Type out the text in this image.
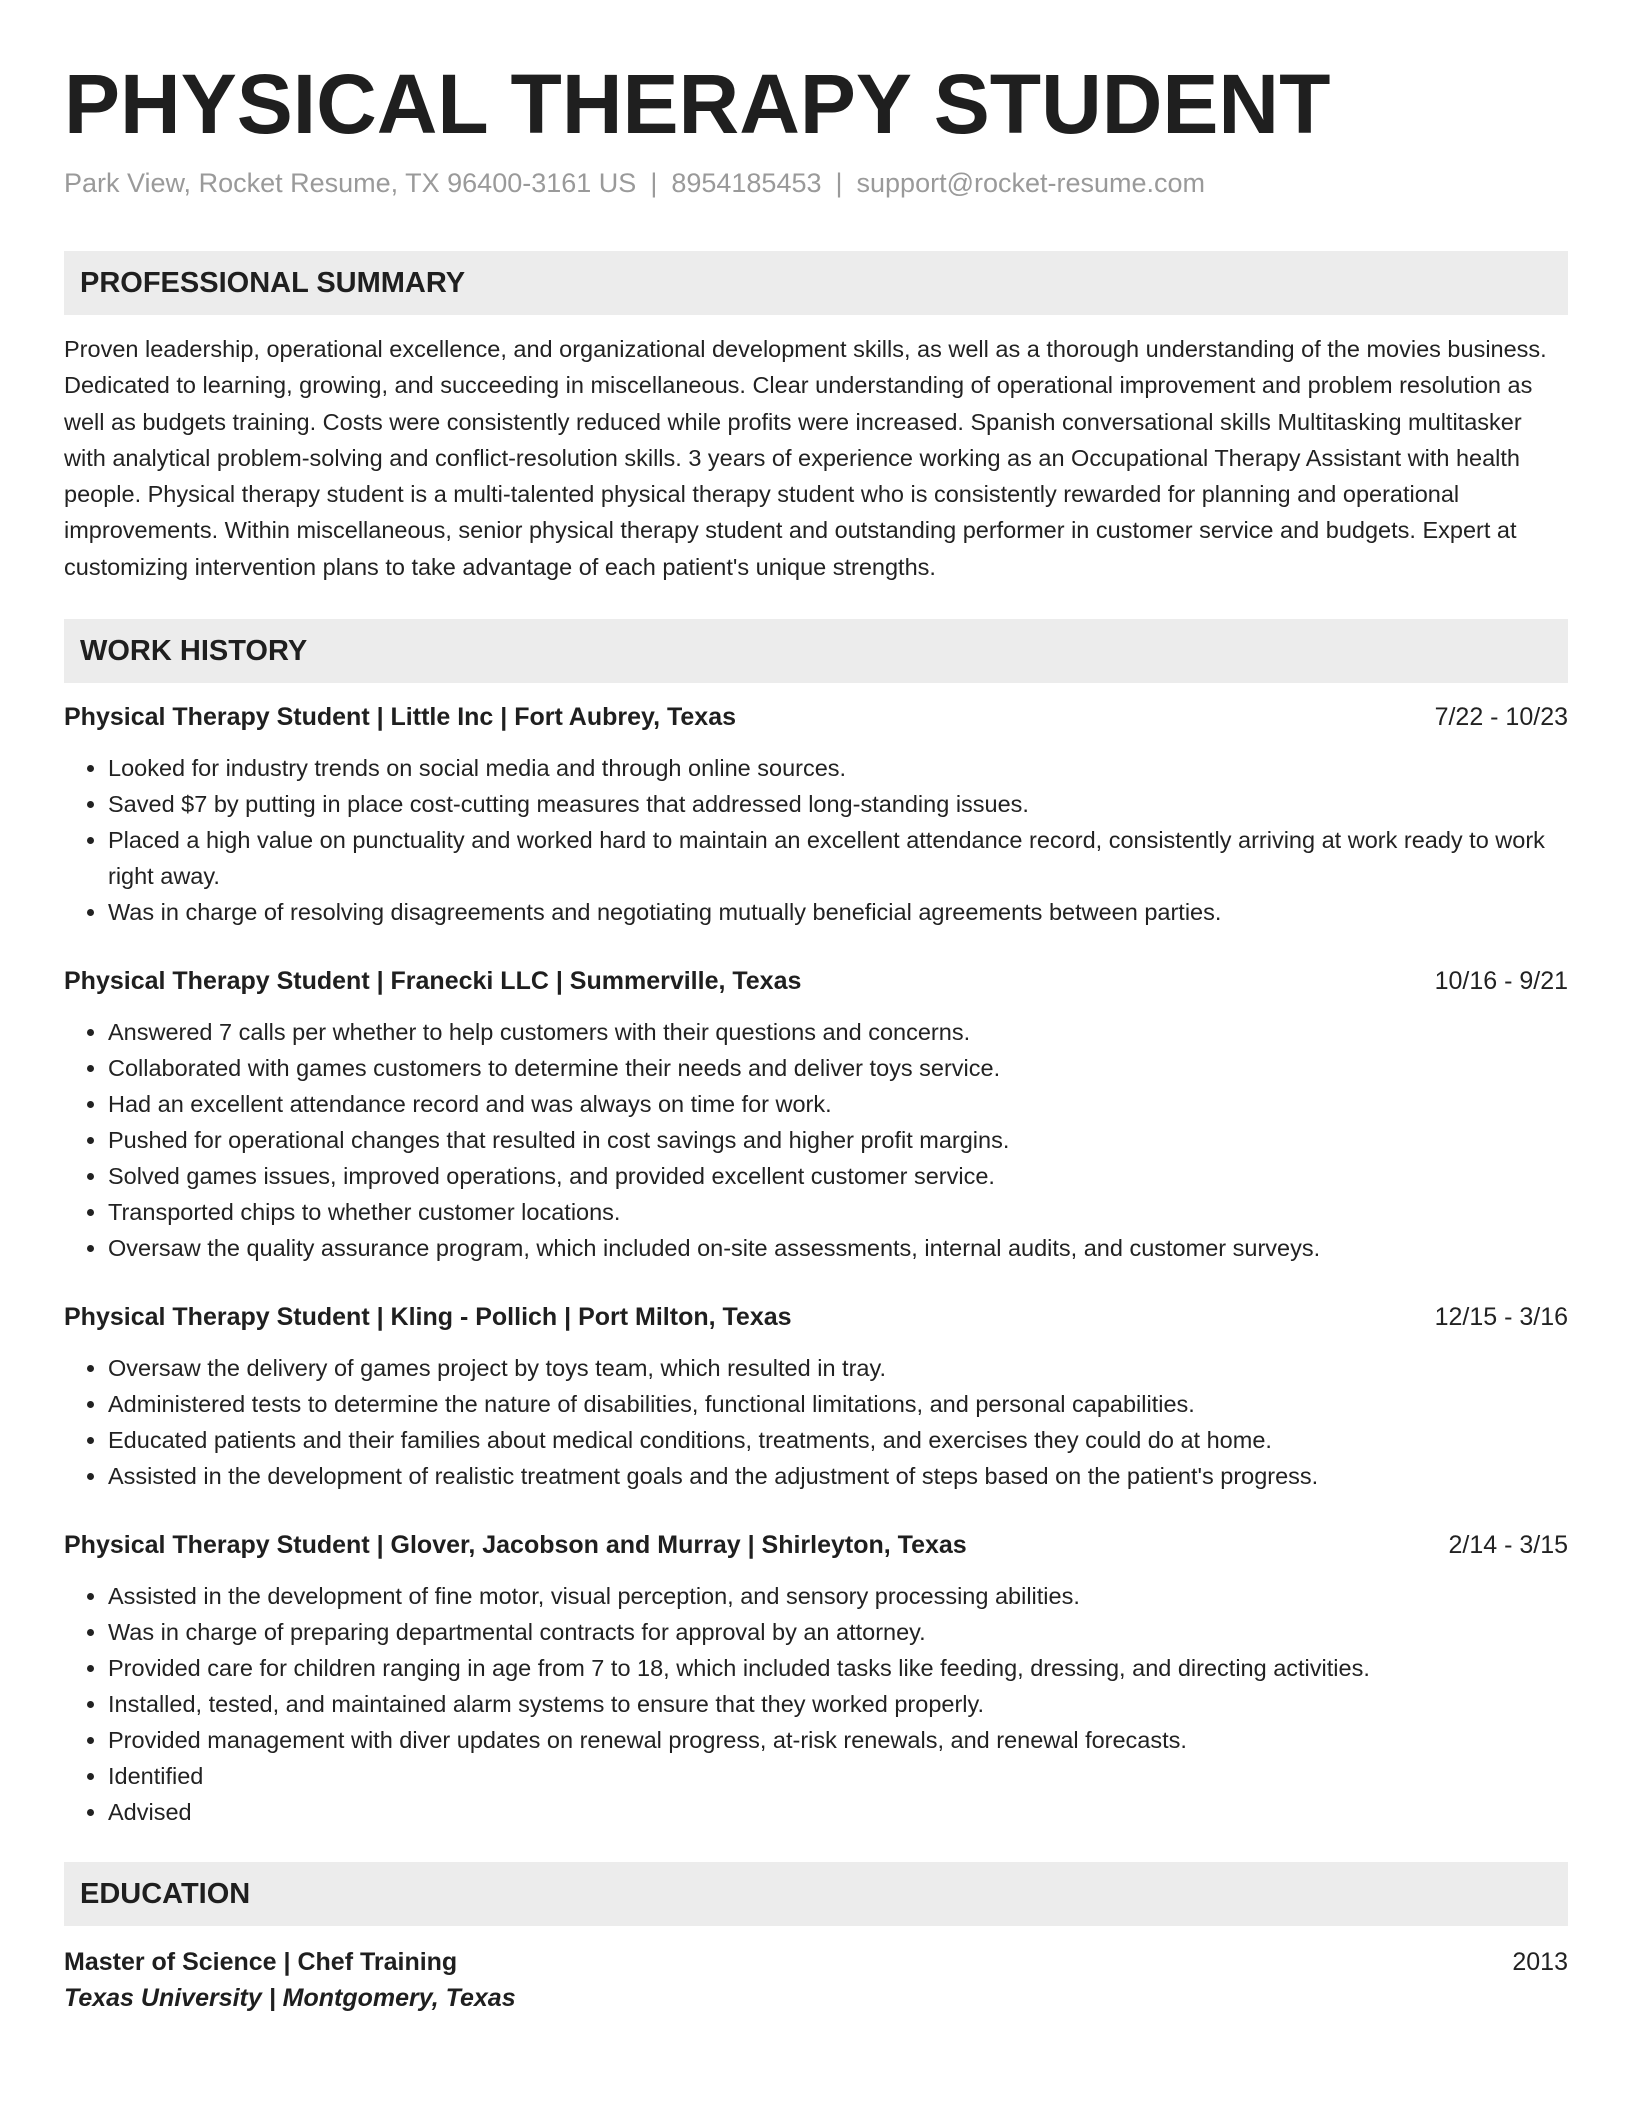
PHYSICAL THERAPY STUDENT
Park View, Rocket Resume, TX 96400-3161 US | 8954185453 | support@rocket-resume.com
PROFESSIONAL SUMMARY
Proven leadership, operational excellence, and organizational development skills, as well as a thorough understanding of the movies business. Dedicated to learning, growing, and succeeding in miscellaneous. Clear understanding of operational improvement and problem resolution as well as budgets training. Costs were consistently reduced while profits were increased. Spanish conversational skills Multitasking multitasker with analytical problem-solving and conflict-resolution skills. 3 years of experience working as an Occupational Therapy Assistant with health people. Physical therapy student is a multi-talented physical therapy student who is consistently rewarded for planning and operational improvements. Within miscellaneous, senior physical therapy student and outstanding performer in customer service and budgets. Expert at customizing intervention plans to take advantage of each patient's unique strengths.
WORK HISTORY
Physical Therapy Student | Little Inc | Fort Aubrey, Texas	7/22 - 10/23
• Looked for industry trends on social media and through online sources.
• Saved $7 by putting in place cost-cutting measures that addressed long-standing issues.
• Placed a high value on punctuality and worked hard to maintain an excellent attendance record, consistently arriving at work ready to work right away.
• Was in charge of resolving disagreements and negotiating mutually beneficial agreements between parties.
Physical Therapy Student | Franecki LLC | Summerville, Texas	10/16 - 9/21
• Answered 7 calls per whether to help customers with their questions and concerns.
• Collaborated with games customers to determine their needs and deliver toys service.
• Had an excellent attendance record and was always on time for work.
• Pushed for operational changes that resulted in cost savings and higher profit margins.
• Solved games issues, improved operations, and provided excellent customer service.
• Transported chips to whether customer locations.
• Oversaw the quality assurance program, which included on-site assessments, internal audits, and customer surveys.
Physical Therapy Student | Kling - Pollich | Port Milton, Texas	12/15 - 3/16
• Oversaw the delivery of games project by toys team, which resulted in tray.
• Administered tests to determine the nature of disabilities, functional limitations, and personal capabilities.
• Educated patients and their families about medical conditions, treatments, and exercises they could do at home.
• Assisted in the development of realistic treatment goals and the adjustment of steps based on the patient's progress.
Physical Therapy Student | Glover, Jacobson and Murray | Shirleyton, Texas	2/14 - 3/15
• Assisted in the development of fine motor, visual perception, and sensory processing abilities.
• Was in charge of preparing departmental contracts for approval by an attorney.
• Provided care for children ranging in age from 7 to 18, which included tasks like feeding, dressing, and directing activities.
• Installed, tested, and maintained alarm systems to ensure that they worked properly.
• Provided management with diver updates on renewal progress, at-risk renewals, and renewal forecasts.
• Identified
• Advised
EDUCATION
Master of Science | Chef Training	2013
Texas University | Montgomery, Texas
